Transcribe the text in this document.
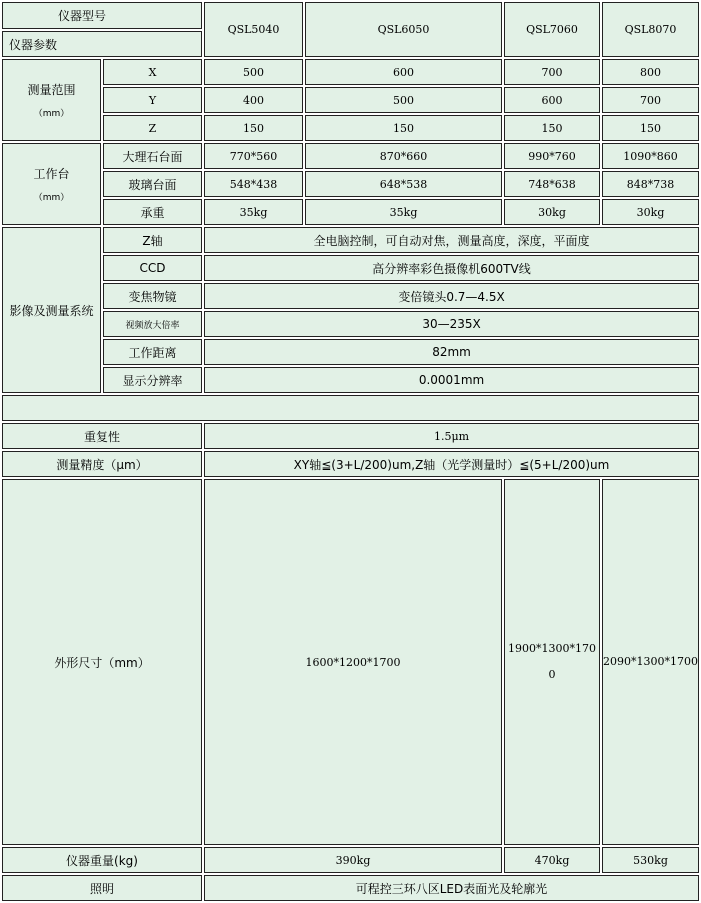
仪器型号		QSL5040	QSL6050	QSL7060	QSL8070	
仪器参数						

测量范围
（mm）	X	500	600	700	800	
	Y	400	500	600	700	
	Z	150	150	150	150	

工作台
（mm）	大理石台面	770*560	870*660	990*760	1090*860	
	玻璃台面	548*438	648*538	748*638	848*738	
	承重	35kg	35kg	30kg	30kg	
影像及测量系统	Z轴	全电脑控制，可自动对焦，测量高度，深度，平面度				
	CCD	高分辨率彩色摄像机600TV线				
	变焦物镜	变倍镜头0.7—4.5X				
	视频放大倍率	30—235X				
	工作距离	82mm				
	显示分辨率	0.0001mm				

重复性		1.5μm				
测量精度（μm）		XY轴≦(3+L/200)um,Z轴（光学测量时）≦(5+L/200)um				
外形尺寸（mm）		1600*1200*1700		1900*1300*1700	2090*1300*1700	
仪器重量(kg)		390kg		470kg	530kg	
照明		可程控三环八区LED表面光及轮廓光				
